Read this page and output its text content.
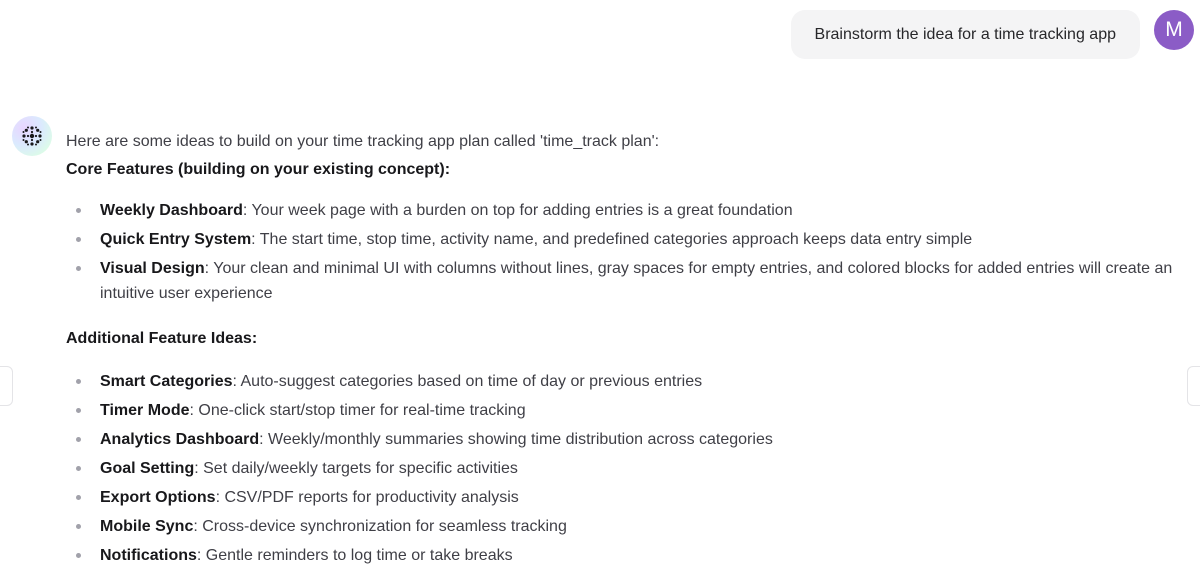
Brainstorm the idea for a time tracking app M

Here are some ideas to build on your time tracking app plan called 'time_track plan':

Core Features (building on your existing concept):

Weekly Dashboard: Your week page with a burden on top for adding entries is a great foundation
Quick Entry System: The start time, stop time, activity name, and predefined categories approach keeps data entry simple
Visual Design: Your clean and minimal UI with columns without lines, gray spaces for empty entries, and colored blocks for added entries will create an intuitive user experience

Additional Feature Ideas:

Smart Categories: Auto-suggest categories based on time of day or previous entries
Timer Mode: One-click start/stop timer for real-time tracking
Analytics Dashboard: Weekly/monthly summaries showing time distribution across categories
Goal Setting: Set daily/weekly targets for specific activities
Export Options: CSV/PDF reports for productivity analysis
Mobile Sync: Cross-device synchronization for seamless tracking
Notifications: Gentle reminders to log time or take breaks
